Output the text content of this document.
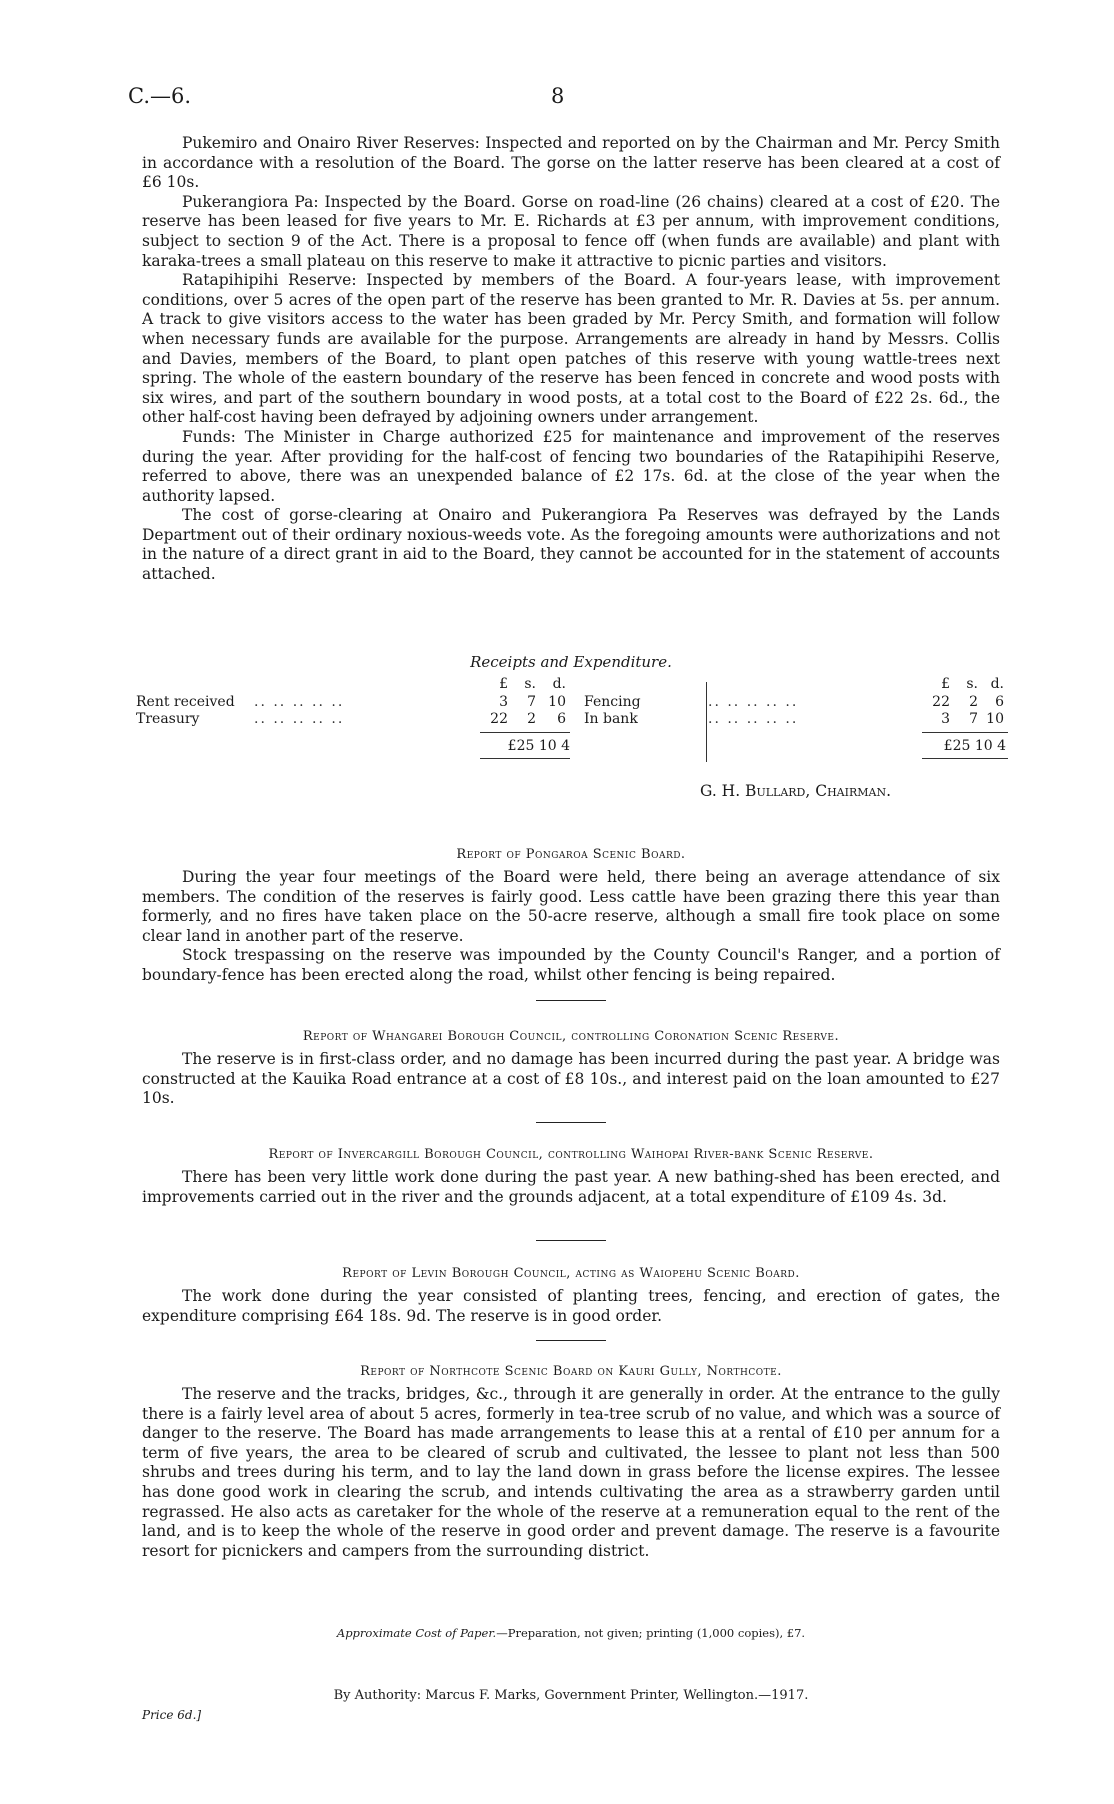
C.—6.	8

Pukemiro and Onairo River Reserves: Inspected and reported on by the Chairman and Mr. Percy Smith in accordance with a resolution of the Board. The gorse on the latter reserve has been cleared at a cost of £6 10s.

Pukerangiora Pa: Inspected by the Board. Gorse on road-line (26 chains) cleared at a cost of £20. The reserve has been leased for five years to Mr. E. Richards at £3 per annum, with improvement conditions, subject to section 9 of the Act. There is a proposal to fence off (when funds are available) and plant with karaka-trees a small plateau on this reserve to make it attractive to picnic parties and visitors.

Ratapihipihi Reserve: Inspected by members of the Board. A four-years lease, with improvement conditions, over 5 acres of the open part of the reserve has been granted to Mr. R. Davies at 5s. per annum. A track to give visitors access to the water has been graded by Mr. Percy Smith, and formation will follow when necessary funds are available for the purpose. Arrangements are already in hand by Messrs. Collis and Davies, members of the Board, to plant open patches of this reserve with young wattle-trees next spring. The whole of the eastern boundary of the reserve has been fenced in concrete and wood posts with six wires, and part of the southern boundary in wood posts, at a total cost to the Board of £22 2s. 6d., the other half-cost having been defrayed by adjoining owners under arrangement.

Funds: The Minister in Charge authorized £25 for maintenance and improvement of the reserves during the year. After providing for the half-cost of fencing two boundaries of the Ratapihipihi Reserve, referred to above, there was an unexpended balance of £2 17s. 6d. at the close of the year when the authority lapsed.

The cost of gorse-clearing at Onairo and Pukerangiora Pa Reserves was defrayed by the Lands Department out of their ordinary noxious-weeds vote. As the foregoing amounts were authorizations and not in the nature of a direct grant in aid to the Board, they cannot be accounted for in the statement of accounts attached.

Receipts and Expenditure.
£	s.	d.
Rent received .. .. .. .. ..	3	7 10
Treasury	.. .. .. .. ..	22	2	6
£25 10 4
£	s. d.
Fencing	.. .. .. .. ..	22	2	6
In bank	.. .. .. .. ..	3	7 10
£25 10 4
G. H. Bullard, Chairman.
Report of Pongaroa Scenic Board.

During the year four meetings of the Board were held, there being an average attendance of six members. The condition of the reserves is fairly good. Less cattle have been grazing there this year than formerly, and no fires have taken place on the 50-acre reserve, although a small fire took place on some clear land in another part of the reserve.

Stock trespassing on the reserve was impounded by the County Council's Ranger, and a portion of boundary-fence has been erected along the road, whilst other fencing is being repaired.

Report of Whangarei Borough Council, controlling Coronation Scenic Reserve.

The reserve is in first-class order, and no damage has been incurred during the past year. A bridge was constructed at the Kauika Road entrance at a cost of £8 10s., and interest paid on the loan amounted to £27 10s.

Report of Invercargill Borough Council, controlling Waihopai River-bank Scenic Reserve.

There has been very little work done during the past year. A new bathing-shed has been erected, and improvements carried out in the river and the grounds adjacent, at a total expenditure of £109 4s. 3d.

Report of Levin Borough Council, acting as Waiopehu Scenic Board.

The work done during the year consisted of planting trees, fencing, and erection of gates, the expenditure comprising £64 18s. 9d. The reserve is in good order.

Report of Northcote Scenic Board on Kauri Gully, Northcote.

The reserve and the tracks, bridges, &c., through it are generally in order. At the entrance to the gully there is a fairly level area of about 5 acres, formerly in tea-tree scrub of no value, and which was a source of danger to the reserve. The Board has made arrangements to lease this at a rental of £10 per annum for a term of five years, the area to be cleared of scrub and cultivated, the lessee to plant not less than 500 shrubs and trees during his term, and to lay the land down in grass before the license expires. The lessee has done good work in clearing the scrub, and intends cultivating the area as a strawberry garden until regrassed. He also acts as caretaker for the whole of the reserve at a remuneration equal to the rent of the land, and is to keep the whole of the reserve in good order and prevent damage. The reserve is a favourite resort for picnickers and campers from the surrounding district.

Approximate Cost of Paper.—Preparation, not given; printing (1,000 copies), £7.
By Authority: Marcus F. Marks, Government Printer, Wellington.—1917.
Price 6d.]
